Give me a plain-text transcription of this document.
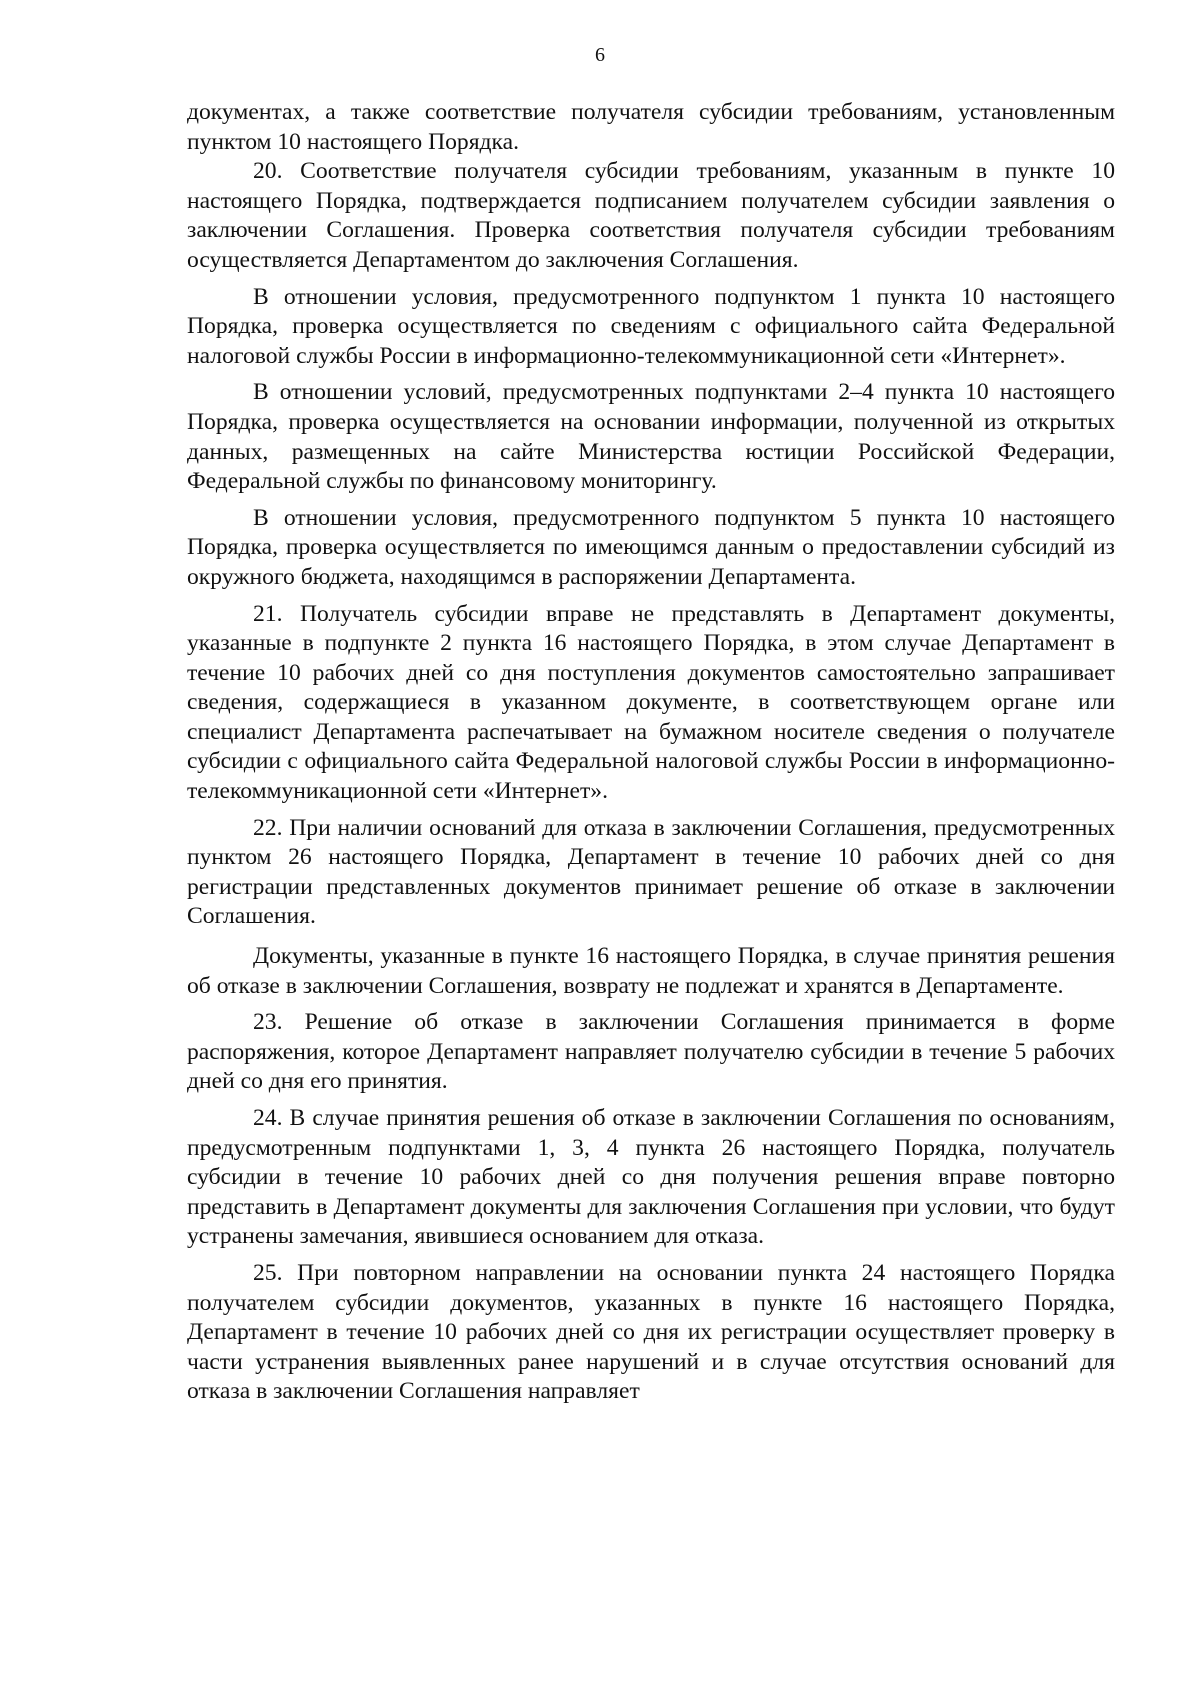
6

документах, а также соответствие получателя субсидии требованиям, установленным пунктом 10 настоящего Порядка.

20. Соответствие получателя субсидии требованиям, указанным в пункте 10 настоящего Порядка, подтверждается подписанием получателем субсидии заявления о заключении Соглашения. Проверка соответствия получателя субсидии требованиям осуществляется Департаментом до заключения Соглашения.

В отношении условия, предусмотренного подпунктом 1 пункта 10 настоящего Порядка, проверка осуществляется по сведениям с официального сайта Федеральной налоговой службы России в информационно-телекоммуникационной сети «Интернет».

В отношении условий, предусмотренных подпунктами 2–4 пункта 10 настоящего Порядка, проверка осуществляется на основании информации, полученной из открытых данных, размещенных на сайте Министерства юстиции Российской Федерации, Федеральной службы по финансовому мониторингу.

В отношении условия, предусмотренного подпунктом 5 пункта 10 настоящего Порядка, проверка осуществляется по имеющимся данным о предоставлении субсидий из окружного бюджета, находящимся в распоряжении Департамента.

21. Получатель субсидии вправе не представлять в Департамент документы, указанные в подпункте 2 пункта 16 настоящего Порядка, в этом случае Департамент в течение 10 рабочих дней со дня поступления документов самостоятельно запрашивает сведения, содержащиеся в указанном документе, в соответствующем органе или специалист Департамента распечатывает на бумажном носителе сведения о получателе субсидии с официального сайта Федеральной налоговой службы России в информационно-телекоммуникационной сети «Интернет».

22. При наличии оснований для отказа в заключении Соглашения, предусмотренных пунктом 26 настоящего Порядка, Департамент в течение 10 рабочих дней со дня регистрации представленных документов принимает решение об отказе в заключении Соглашения.

Документы, указанные в пункте 16 настоящего Порядка, в случае принятия решения об отказе в заключении Соглашения, возврату не подлежат и хранятся в Департаменте.

23. Решение об отказе в заключении Соглашения принимается в форме распоряжения, которое Департамент направляет получателю субсидии в течение 5 рабочих дней со дня его принятия.

24. В случае принятия решения об отказе в заключении Соглашения по основаниям, предусмотренным подпунктами 1, 3, 4 пункта 26 настоящего Порядка, получатель субсидии в течение 10 рабочих дней со дня получения решения вправе повторно представить в Департамент документы для заключения Соглашения при условии, что будут устранены замечания, явившиеся основанием для отказа.

25. При повторном направлении на основании пункта 24 настоящего Порядка получателем субсидии документов, указанных в пункте 16 настоящего Порядка, Департамент в течение 10 рабочих дней со дня их регистрации осуществляет проверку в части устранения выявленных ранее нарушений и в случае отсутствия оснований для отказа в заключении Соглашения направляет
